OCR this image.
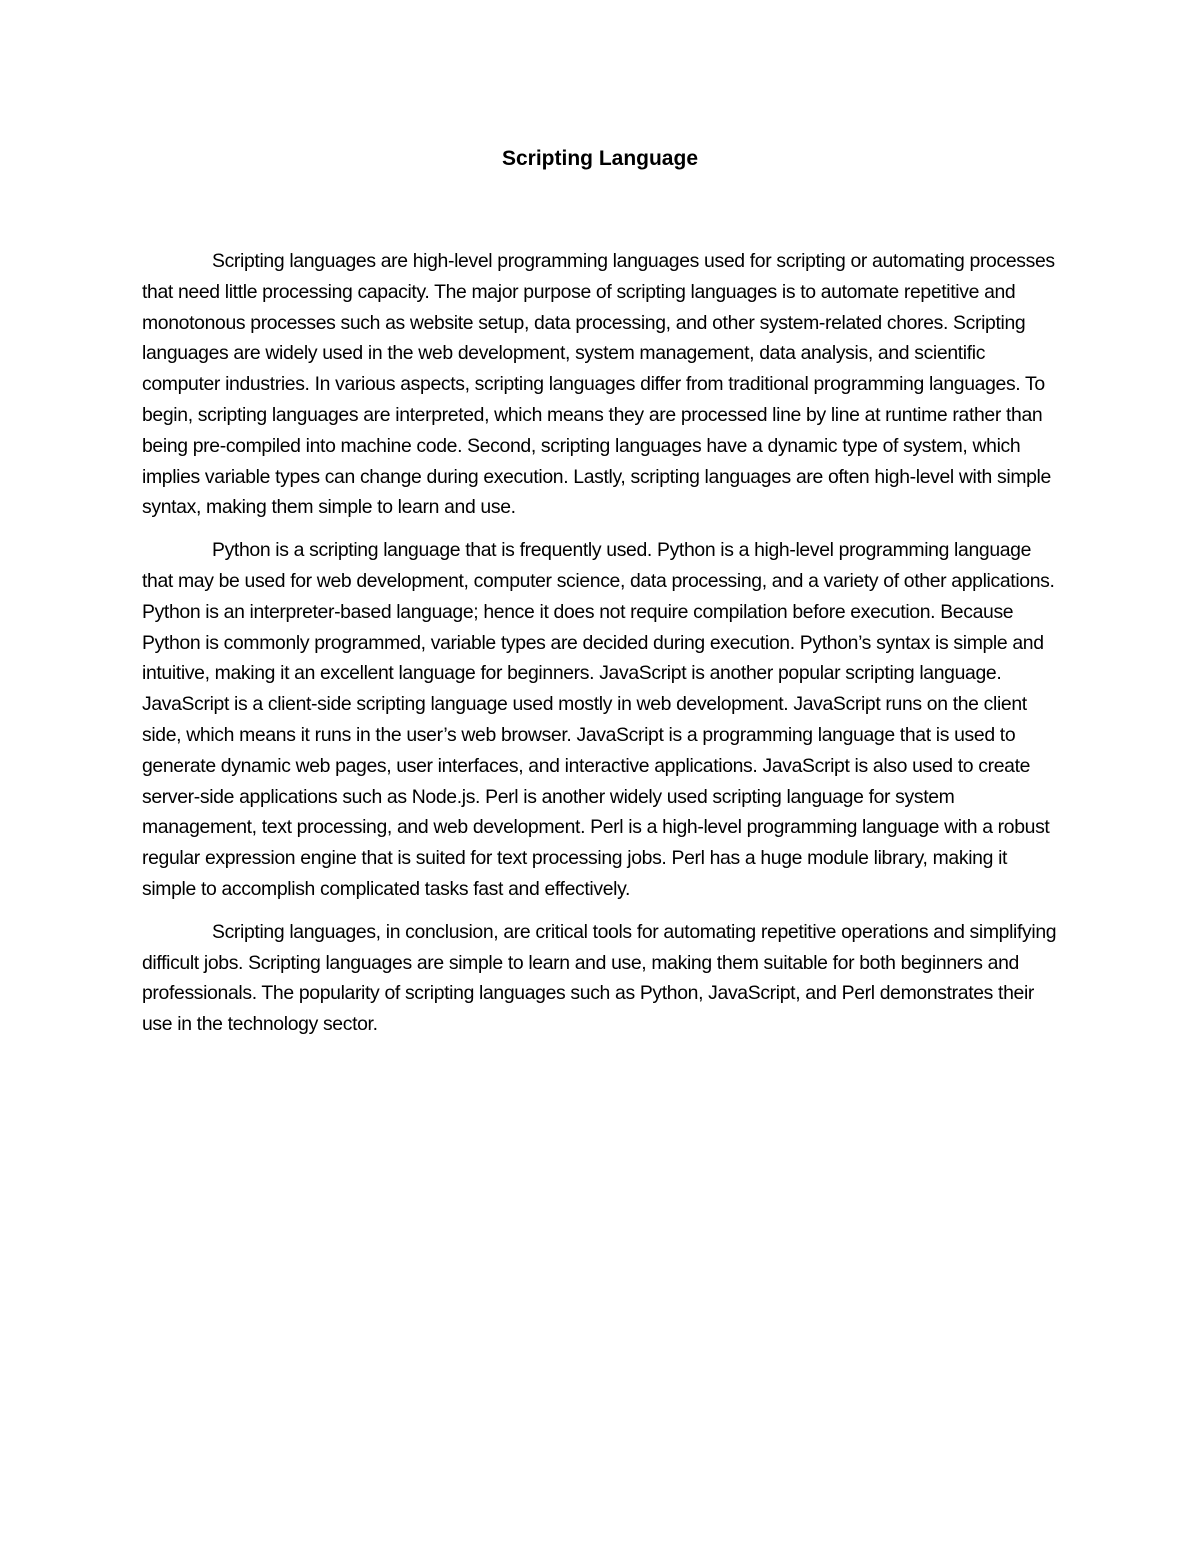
Scripting Language

Scripting languages are high-level programming languages used for scripting or automating processes that need little processing capacity. The major purpose of scripting languages is to automate repetitive and monotonous processes such as website setup, data processing, and other system-related chores. Scripting languages are widely used in the web development, system management, data analysis, and scientific computer industries. In various aspects, scripting languages differ from traditional programming languages. To begin, scripting languages are interpreted, which means they are processed line by line at runtime rather than being pre-compiled into machine code. Second, scripting languages have a dynamic type of system, which implies variable types can change during execution. Lastly, scripting languages are often high-level with simple syntax, making them simple to learn and use.

Python is a scripting language that is frequently used. Python is a high-level programming language that may be used for web development, computer science, data processing, and a variety of other applications. Python is an interpreter-based language; hence it does not require compilation before execution. Because Python is commonly programmed, variable types are decided during execution. Python’s syntax is simple and intuitive, making it an excellent language for beginners. JavaScript is another popular scripting language. JavaScript is a client-side scripting language used mostly in web development. JavaScript runs on the client side, which means it runs in the user’s web browser. JavaScript is a programming language that is used to generate dynamic web pages, user interfaces, and interactive applications. JavaScript is also used to create server-side applications such as Node.js. Perl is another widely used scripting language for system management, text processing, and web development. Perl is a high-level programming language with a robust regular expression engine that is suited for text processing jobs. Perl has a huge module library, making it simple to accomplish complicated tasks fast and effectively.

Scripting languages, in conclusion, are critical tools for automating repetitive operations and simplifying difficult jobs. Scripting languages are simple to learn and use, making them suitable for both beginners and professionals. The popularity of scripting languages such as Python, JavaScript, and Perl demonstrates their use in the technology sector.
